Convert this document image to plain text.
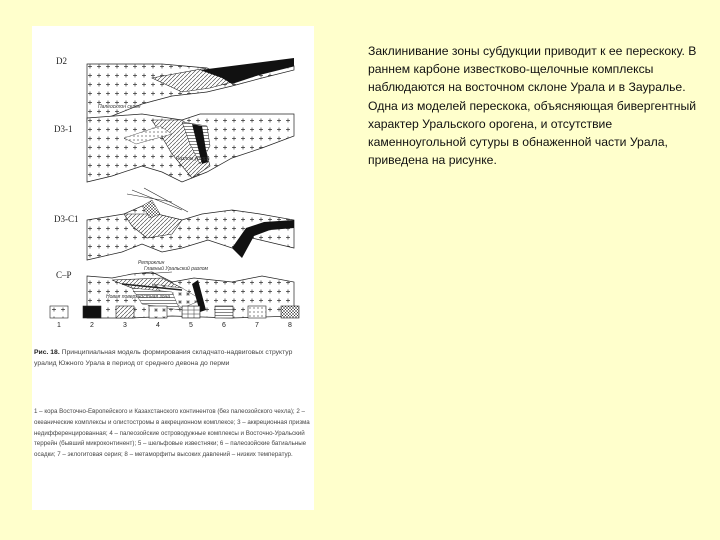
D2
D3-1
D3-C1
C–P
Палеосклон склон
Разлом утора
Ретроклин
Главный Уральский разлом
Новая поверхностная зона
1	2	3	4	5	6	7	8
Рис. 18. Принципиальная модель формирования складчато-надвиговых структур уралид Южного Урала в период от среднего девона до перми
1 – кора Восточно-Европейского и Казахстанского континентов (без палеозойского чехла); 2 – океанические комплексы и олистостромы в аккреционном комплексе; 3 – аккреционная призма недифференцированная; 4 – палеозойские островодужные комплексы и Восточно-Уральский террейн (бывший микроконтинент); 5 – шельфовые известняки; 6 – палеозойские батиальные осадки; 7 – эклогитовая серия; 8 – метаморфиты высоких давлений – низких температур.

Заклинивание зоны субдукции приводит к ее перескоку. В раннем карбоне известково-щелочные комплексы наблюдаются на восточном склоне Урала и в Зауралье. Одна из моделей перескока, объясняющая бивергентный характер Уральского орогена, и отсутствие каменноугольной сутуры в обнаженной части Урала, приведена на рисунке.
